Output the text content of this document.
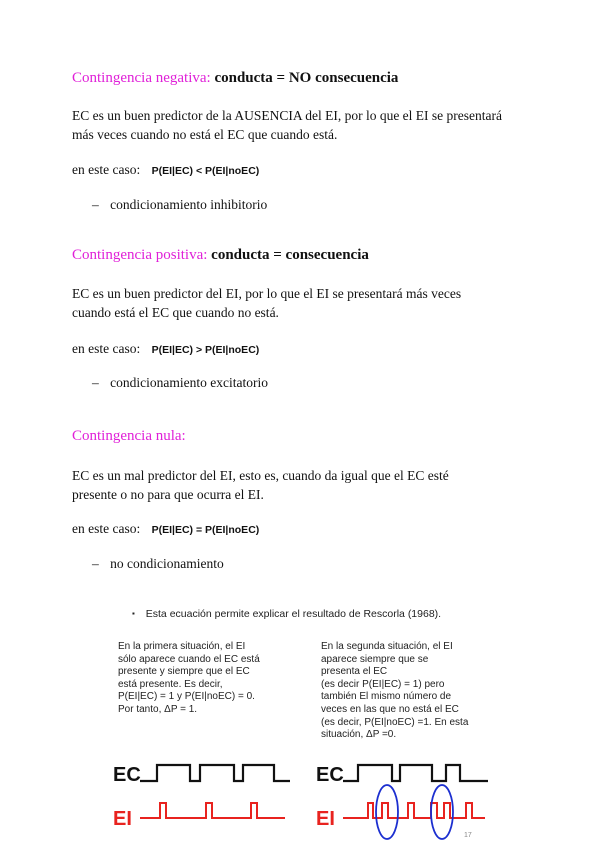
Contingencia negativa: conducta = NO consecuencia
EC es un buen predictor de la AUSENCIA del EI, por lo que el EI se presentará
más veces cuando no está el EC que cuando está.
en este caso: P(EI|EC) < P(EI|noEC)
– condicionamiento inhibitorio
Contingencia positiva: conducta = consecuencia
EC es un buen predictor del EI, por lo que el EI se presentará más veces
cuando está el EC que cuando no está.
en este caso: P(EI|EC) > P(EI|noEC)
– condicionamiento excitatorio
Contingencia nula:
EC es un mal predictor del EI, esto es, cuando da igual que el EC esté
presente o no para que ocurra el EI.
en este caso: P(EI|EC) = P(EI|noEC)
– no condicionamiento
▪ Esta ecuación permite explicar el resultado de Rescorla (1968).
En la primera situación, el EI
sólo aparece cuando el EC está
presente y siempre que el EC
está presente. Es decir,
P(EI|EC) = 1 y P(EI|noEC) = 0.
Por tanto, ΔP = 1.
En la segunda situación, el EI
aparece siempre que se
presenta el EC
(es decir P(EI|EC) = 1) pero
también El mismo número de
veces en las que no está el EC
(es decir, P(EI|noEC) =1. En esta
situación, ΔP =0.
EC
EI
EC
EI
17
